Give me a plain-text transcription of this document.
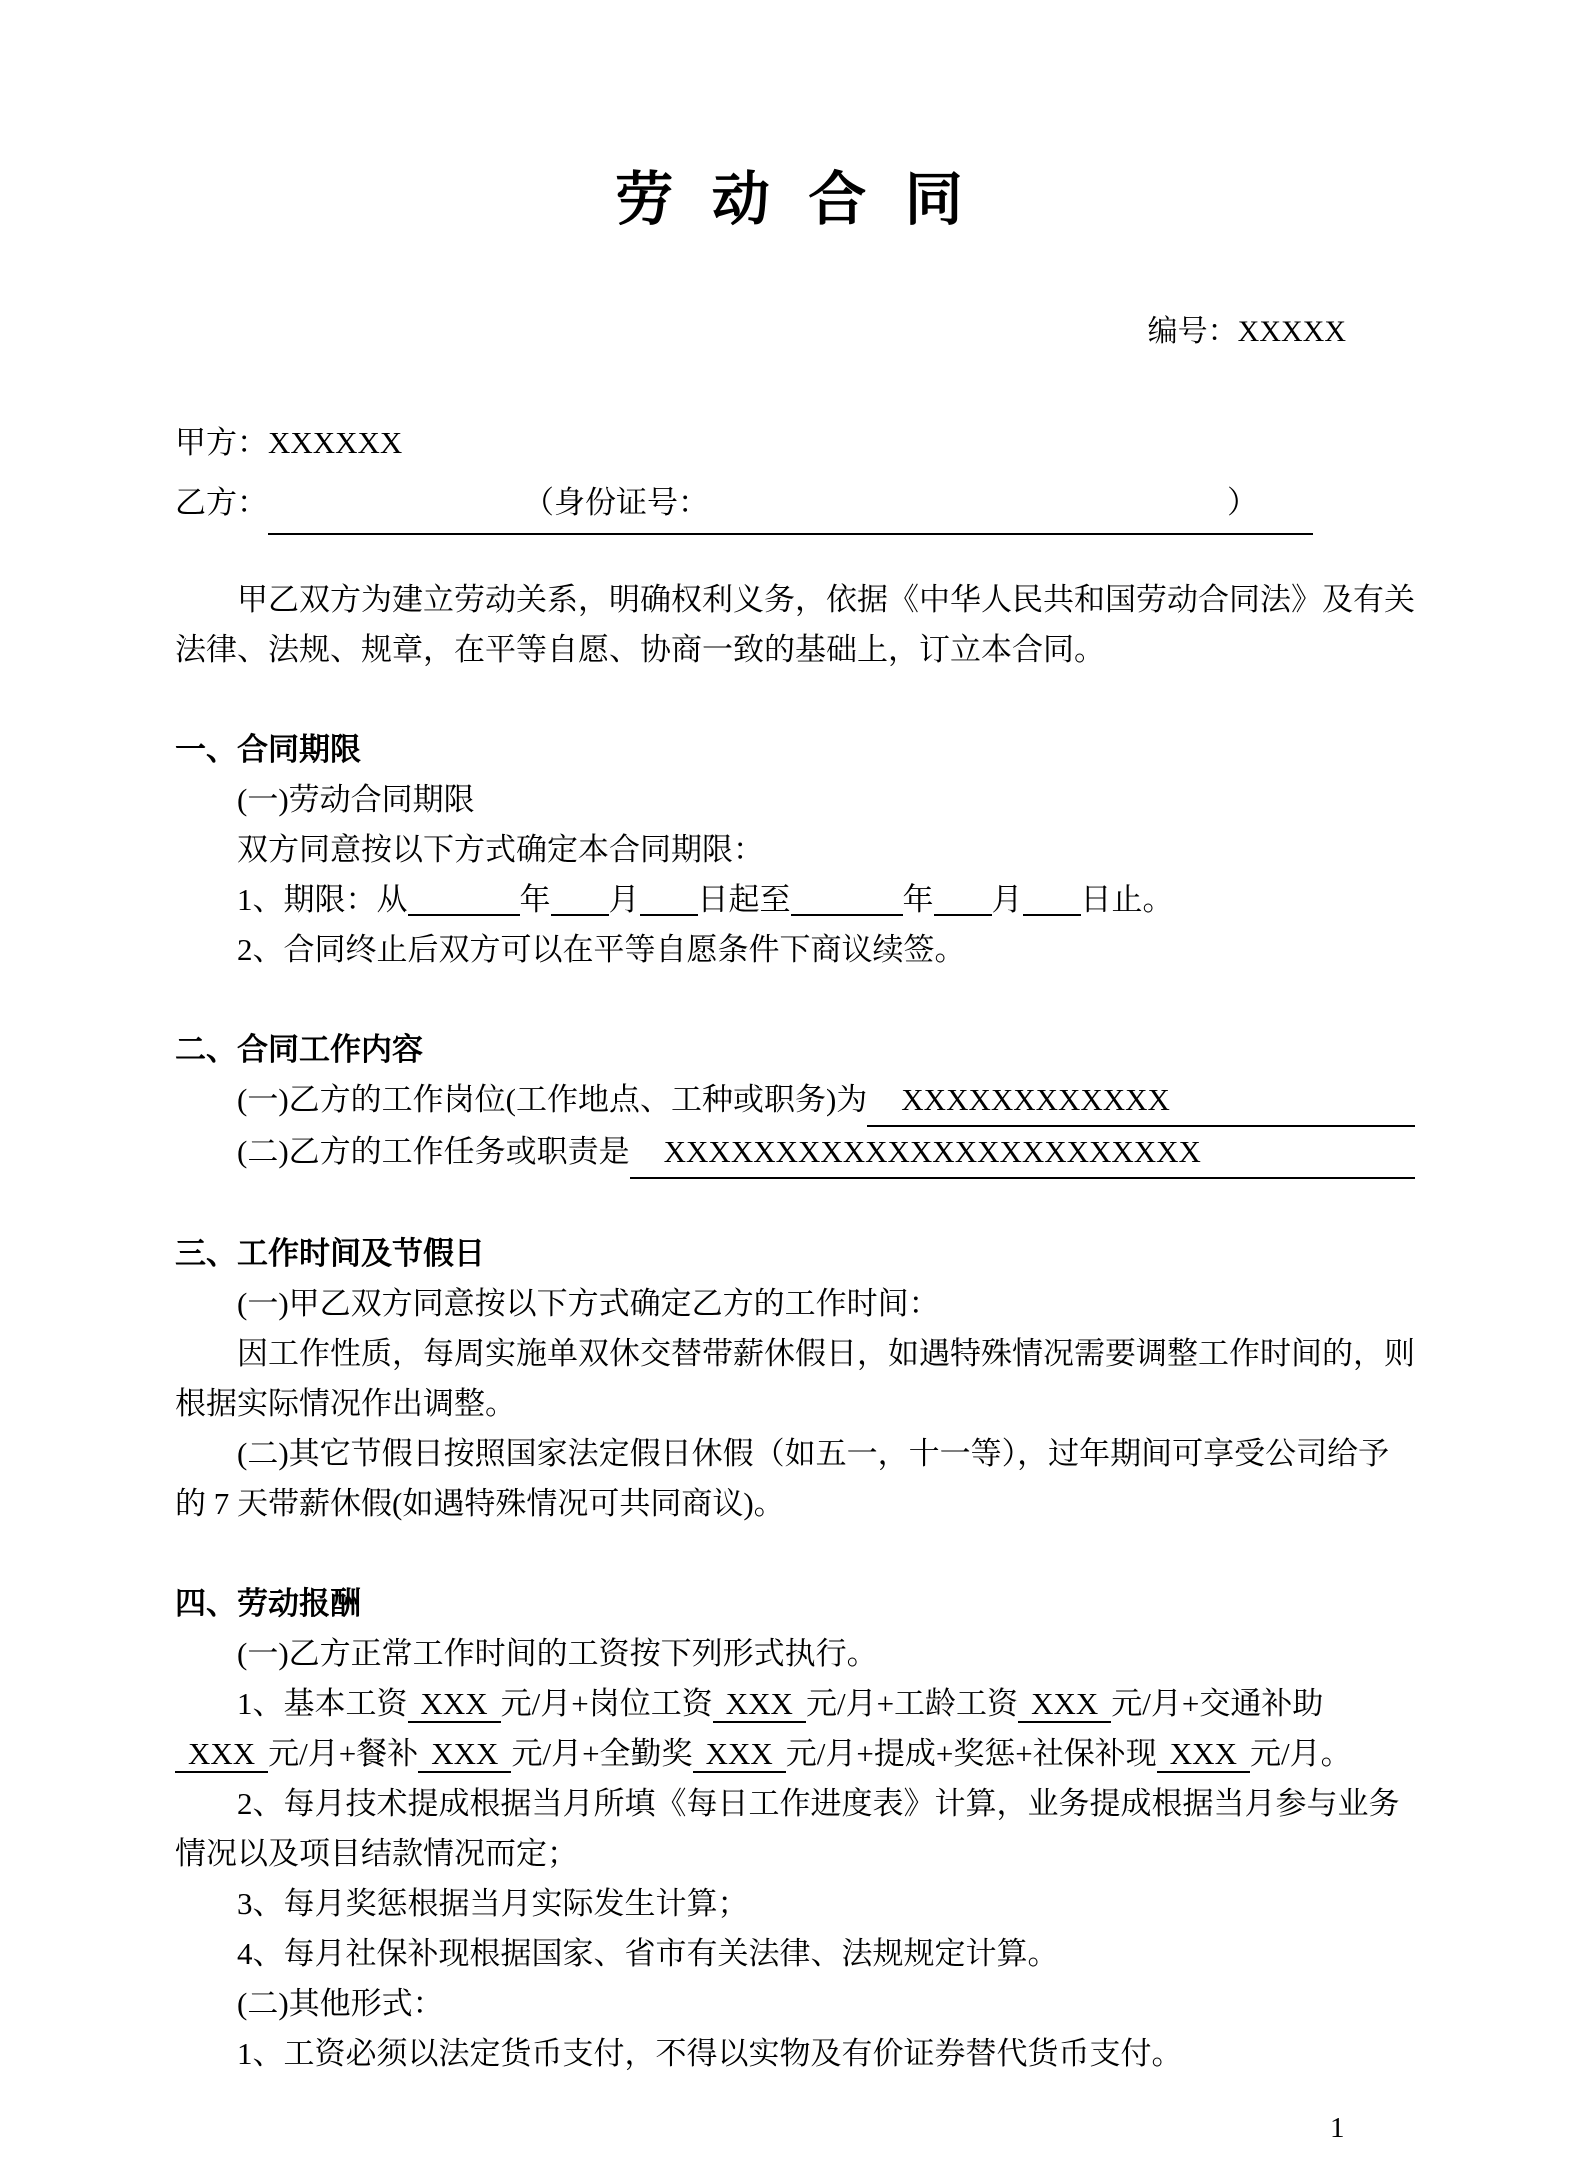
劳 动 合 同
编号：XXXXX

甲方：XXXXXX

乙方：	（身份证号：	）

甲乙双方为建立劳动关系，明确权利义务，依据《中华人民共和国劳动合同法》及有关法律、法规、规章，在平等自愿、协商一致的基础上，订立本合同。

一、合同期限

(一)劳动合同期限

双方同意按以下方式确定本合同期限：

1、期限：从	年 月 日起至	年 月 日止。

2、合同终止后双方可以在平等自愿条件下商议续签。

二、合同工作内容

(一)乙方的工作岗位(工作地点、工种或职务)为	XXXXXXXXXXXX
(二)乙方的工作任务或职责是	XXXXXXXXXXXXXXXXXXXXXXXX

三、工作时间及节假日

(一)甲乙双方同意按以下方式确定乙方的工作时间：

因工作性质，每周实施单双休交替带薪休假日，如遇特殊情况需要调整工作时间的，则根据实际情况作出调整。

(二)其它节假日按照国家法定假日休假（如五一，十一等），过年期间可享受公司给予的 7 天带薪休假(如遇特殊情况可共同商议)。

四、劳动报酬

(一)乙方正常工作时间的工资按下列形式执行。

1、基本工资 XXX 元/月+岗位工资 XXX 元/月+工龄工资 XXX 元/月+交通补助XXX 元/月+餐补 XXX 元/月+全勤奖 XXX 元/月+提成+奖惩+社保补现 XXX 元/月。

2、每月技术提成根据当月所填《每日工作进度表》计算，业务提成根据当月参与业务情况以及项目结款情况而定；

3、每月奖惩根据当月实际发生计算；

4、每月社保补现根据国家、省市有关法律、法规规定计算。

(二)其他形式：

1、工资必须以法定货币支付，不得以实物及有价证券替代货币支付。

1
